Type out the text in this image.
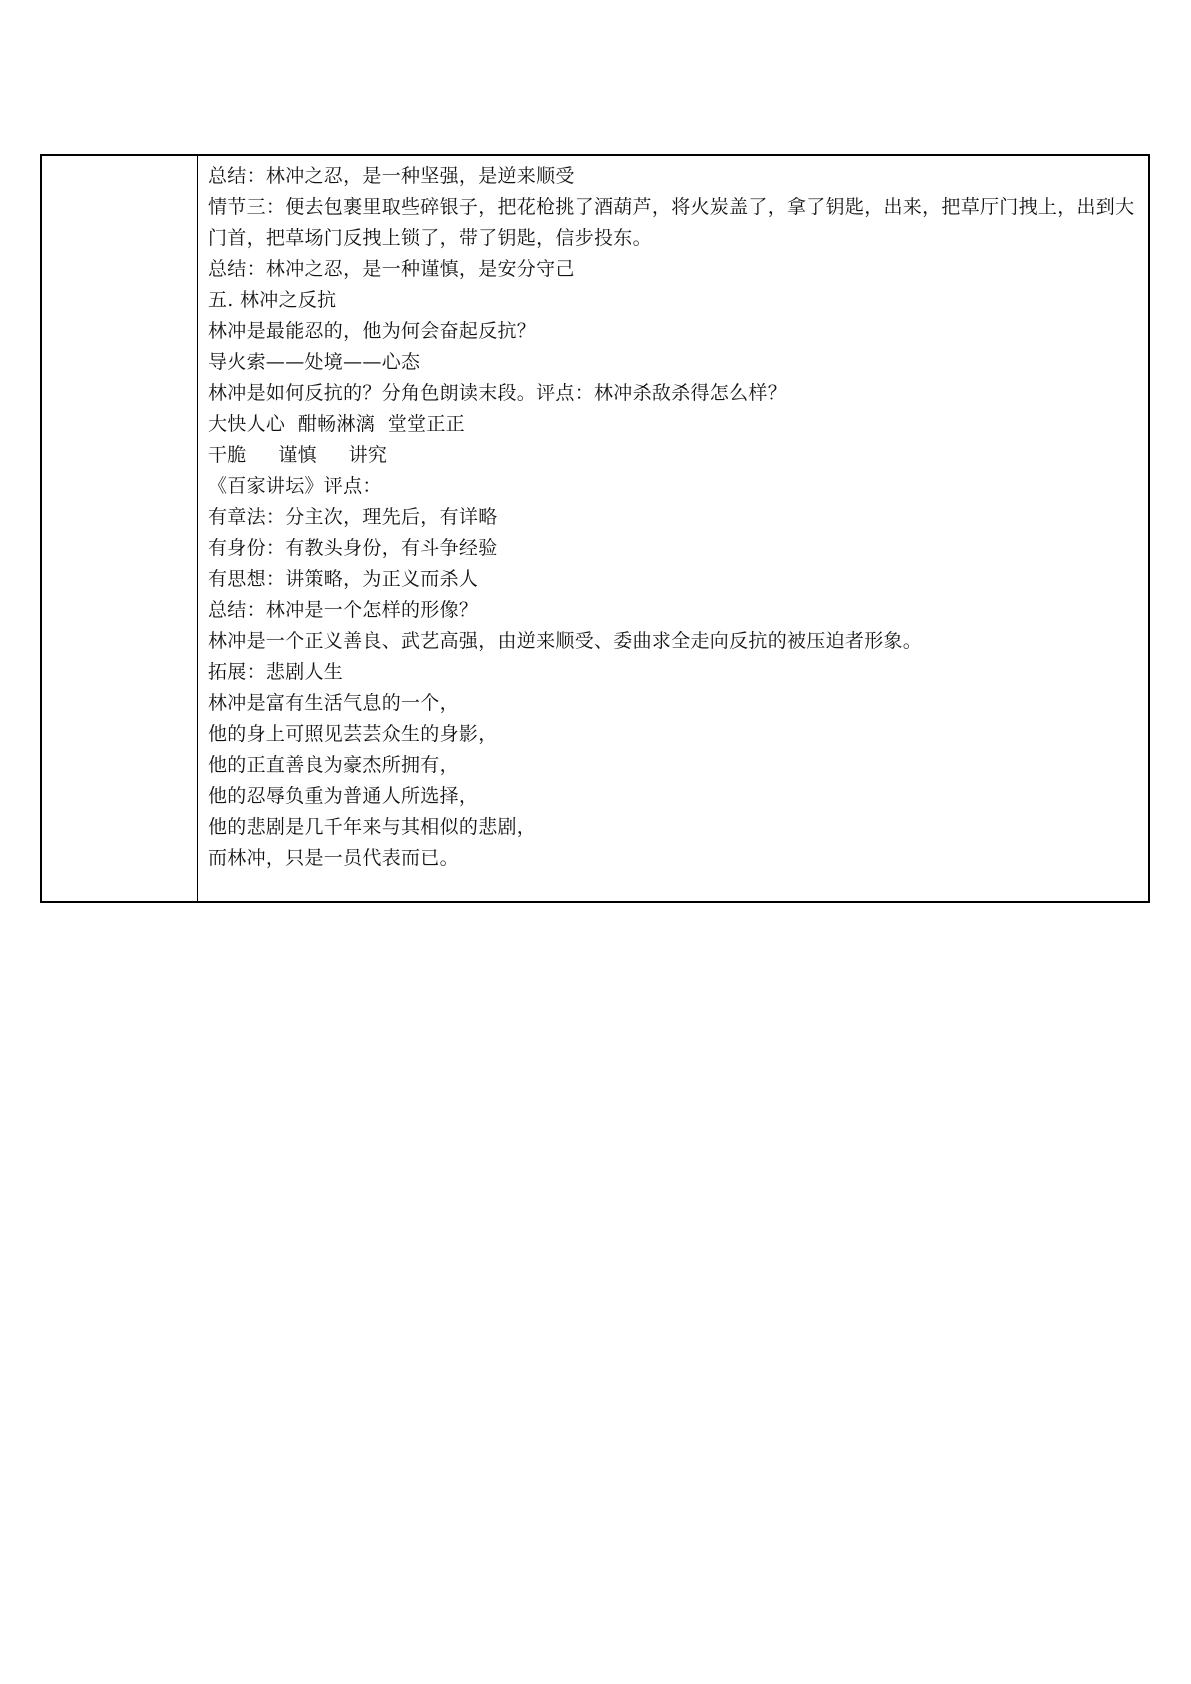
总结：林冲之忍，是一种坚强，是逆来顺受
情节三：便去包裹里取些碎银子，把花枪挑了酒葫芦，将火炭盖了，拿了钥匙，出来，把草厅门拽上，出到大门首，把草场门反拽上锁了，带了钥匙，信步投东。
总结：林冲之忍，是一种谨慎，是安分守己
五. 林冲之反抗
林冲是最能忍的，他为何会奋起反抗？
导火索——处境——心态
林冲是如何反抗的？分角色朗读末段。评点：林冲杀敌杀得怎么样？
大快人心  酣畅淋漓  堂堂正正
干脆     谨慎     讲究
《百家讲坛》评点：
有章法：分主次，理先后，有详略
有身份：有教头身份，有斗争经验
有思想：讲策略，为正义而杀人
总结：林冲是一个怎样的形像？
林冲是一个正义善良、武艺高强，由逆来顺受、委曲求全走向反抗的被压迫者形象。
拓展：悲剧人生
林冲是富有生活气息的一个，
他的身上可照见芸芸众生的身影，
他的正直善良为豪杰所拥有，
他的忍辱负重为普通人所选择，
他的悲剧是几千年来与其相似的悲剧，
而林冲，只是一员代表而已。
